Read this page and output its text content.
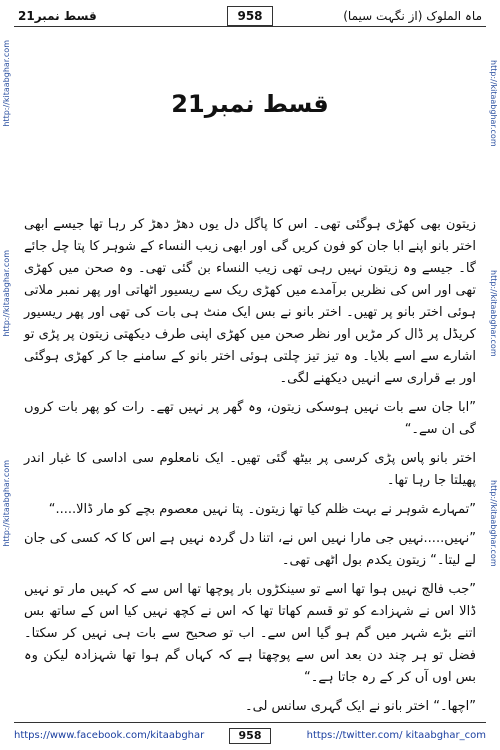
قسط نمبر21	958	ماہ الملوک (از نگہت سیما)
http://kitaabghar.com
http://kitaabghar.com
http://kitaabghar.com
http://kitaabghar.com
http://kitaabghar.com
http://kitaabghar.com
قسط نمبر21

زیتون بھی کھڑی ہوگئی تھی۔ اس کا پاگل دل یوں دھڑ دھڑ کر رہا تھا جیسے ابھی اختر بانو اپنے ابا جان کو فون کریں گی اور ابھی زیب النساء کے شوہر کا پتا چل جائے گا۔ جیسے وہ زیتون نہیں رہی تھی زیب النساء بن گئی تھی۔ وہ صحن میں کھڑی تھی اور اس کی نظریں برآمدے میں کھڑی ریک سے ریسیور اٹھاتی اور پھر نمبر ملاتی ہوئی اختر بانو پر تھیں۔ اختر بانو نے بس ایک منٹ ہی بات کی تھی اور پھر ریسیور کریڈل پر ڈال کر مڑیں اور نظر صحن میں کھڑی اپنی طرف دیکھتی زیتون پر پڑی تو اشارے سے اسے بلایا۔ وہ تیز تیز چلتی ہوئی اختر بانو کے سامنے جا کر کھڑی ہوگئی اور بے قراری سے انہیں دیکھنے لگی۔

”ابا جان سے بات نہیں ہوسکی زیتون، وہ گھر پر نہیں تھے۔ رات کو پھر بات کروں گی ان سے۔“

اختر بانو پاس پڑی کرسی پر بیٹھ گئی تھیں۔ ایک نامعلوم سی اداسی کا غبار اندر پھیلتا جا رہا تھا۔

”تمہارے شوہر نے بہت ظلم کیا تھا زیتون۔ پتا نہیں معصوم بچے کو مار ڈالا.....“

”نہیں.....نہیں جی مارا نہیں اس نے، اتنا دل گردہ نہیں ہے اس کا کہ کسی کی جان لے لیتا۔“ زیتون یکدم بول اٹھی تھی۔

”جب فالج نہیں ہوا تھا اسے تو سینکڑوں بار پوچھا تھا اس سے کہ کہیں مار تو نہیں ڈالا اس نے شہزادے کو تو قسم کھاتا تھا کہ اس نے کچھ نہیں کیا اس کے ساتھ بس اتنے بڑے شہر میں گم ہو گیا اس سے۔ اب تو صحیح سے بات ہی نہیں کر سکتا۔ فضل تو ہر چند دن بعد اس سے پوچھتا ہے کہ کہاں گم ہوا تھا شہزادہ لیکن وہ بس اوں آں کر کے رہ جاتا ہے۔“

”اچھا۔“ اختر بانو نے ایک گہری سانس لی۔

https://www.facebook.com/kitaabghar	958	https://twitter.com/ kitaabghar_com
